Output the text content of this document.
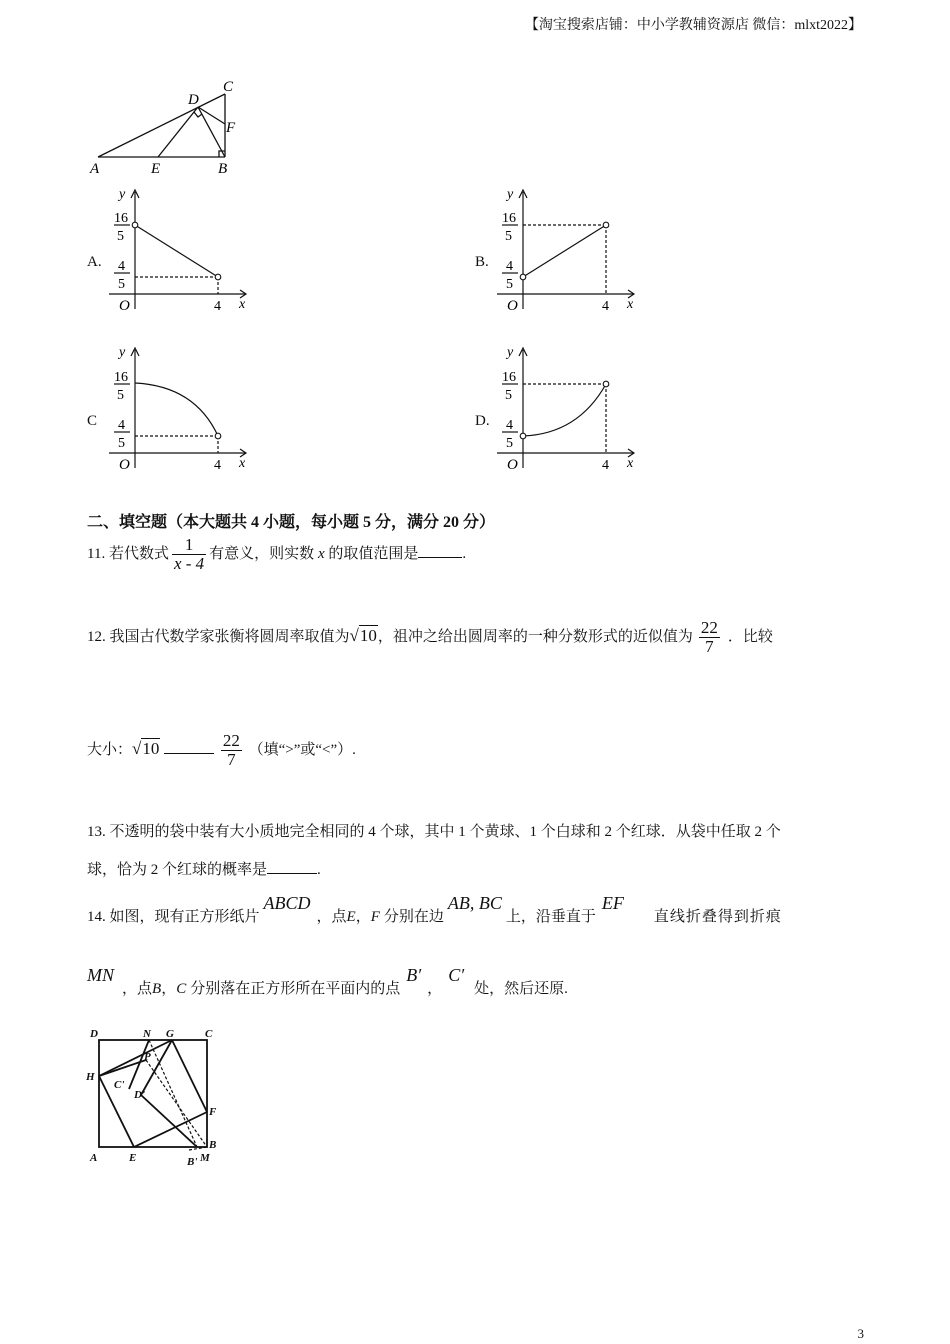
【淘宝搜索店铺：中小学教辅资源店 微信：mlxt2022】
A	E	B
D
C
F
A.
y
16
5
4
5
O	4 x
B.
y
16
5
4
5
O	4 x
C
y
16
5
4
5
O	4 x
D.
y
16
5
4
5
O	4 x
二、填空题（本大题共 4 小题，每小题 5 分，满分 20 分）
11. 若代数式 $\frac{1}{x - 4}$ 有意义，则实数 x 的取值范围是	.
12. 我国古代数学家张衡将圆周率取值为√10，祖冲之给出圆周率的一种分数形式的近似值为 $\frac{22}{7}$ ．比较
大小：√10	$\frac{22}{7}$ （填“>”或“<”）.
13. 不透明的袋中装有大小质地完全相同的 4 个球，其中 1 个黄球、1 个白球和 2 个红球．从袋中任取 2 个
球，恰为 2 个红球的概率是	.
14. 如图，现有正方形纸片ABCD，点E，F 分别在边AB, BC上，沿垂直于EF直线折叠得到折痕
MN，点B，C 分别落在正方形所在平面内的点B′，C′处，然后还原.
D	N G	C
P
H
C'
D'
F
A	E	B' M
B
3
